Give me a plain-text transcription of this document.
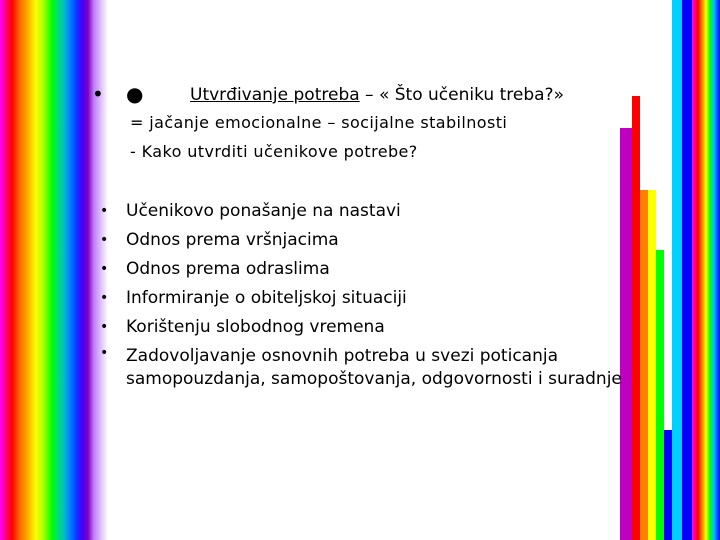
• ●	Utvrđivanje potreba – « Što učeniku treba?»
= jačanje emocionalne – socijalne stabilnosti
- Kako utvrditi učenikove potrebe?
• Učenikovo ponašanje na nastavi
• Odnos prema vršnjacima
• Odnos prema odraslima
• Informiranje o obiteljskoj situaciji
• Korištenju slobodnog vremena
• Zadovoljavanje osnovnih potreba u svezi poticanja samopouzdanja, samopoštovanja, odgovornosti i suradnje
